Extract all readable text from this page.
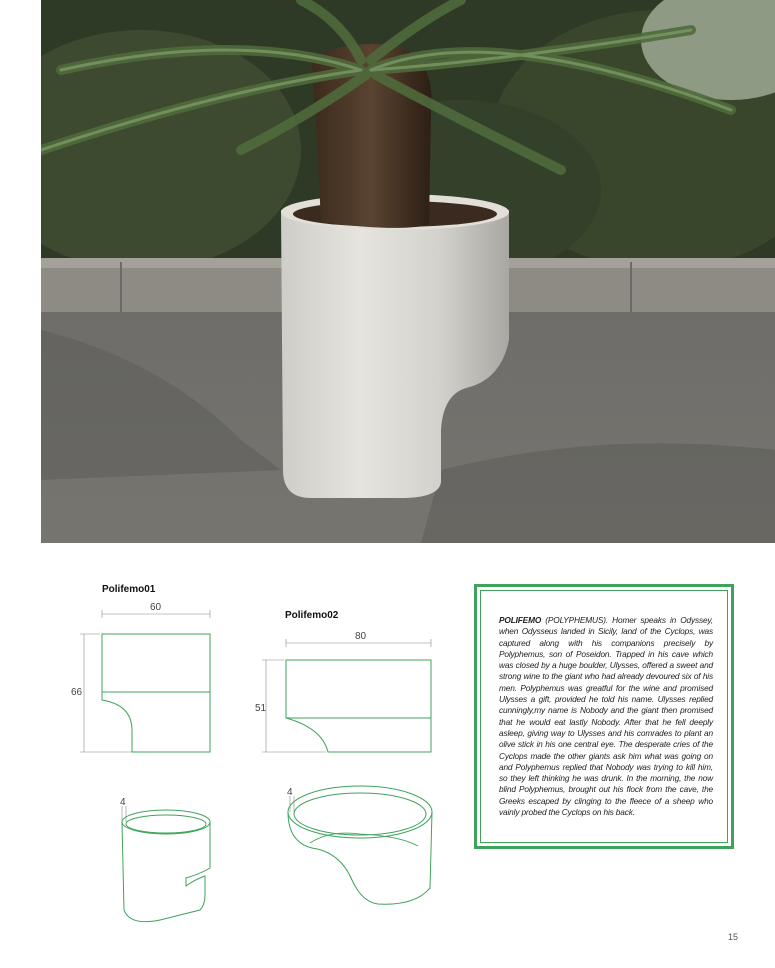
Polifemo01
Polifemo02
60
66
80
51
4
4

POLIFEMO (POLYPHEMUS). Homer speaks in Odyssey, when Odysseus landed in Sicily, land of the Cyclops, was captured along with his companions precisely by Polyphemus, son of Poseidon. Trapped in his cave which was closed by a huge boulder, Ulysses, offered a sweet and strong wine to the giant who had already devoured six of his men. Polyphemus was greatful for the wine and promised Ulysses a gift, provided he told his name. Ulysses replied cunningly,my name is Nobody and the giant then promised that he would eat lastly Nobody. After that he fell deeply asleep, giving way to Ulysses and his comrades to plant an olive stick in his one central eye. The desperate cries of the Cyclops made the other giants ask him what was going on and Polyphemus replied that Nobody was trying to kill him, so they left thinking he was drunk. In the morning, the now blind Polyphemus, brought out his flock from the cave, the Greeks escaped by clinging to the fleece of a sheep who vainly probed the Cyclops on his back.

15
